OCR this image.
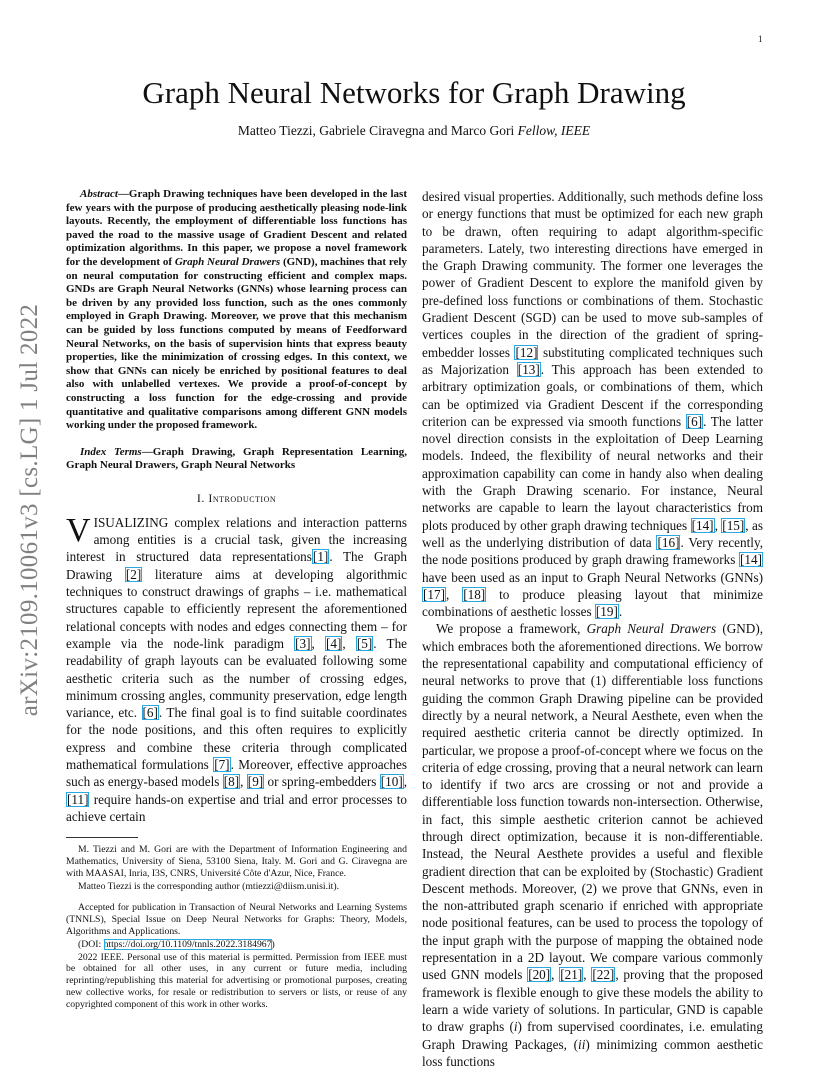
1
arXiv:2109.10061v3 [cs.LG] 1 Jul 2022
Graph Neural Networks for Graph Drawing
Matteo Tiezzi, Gabriele Ciravegna and Marco Gori Fellow, IEEE

Abstract—Graph Drawing techniques have been developed in the last few years with the purpose of producing aesthetically pleasing node-link layouts. Recently, the employment of differentiable loss functions has paved the road to the massive usage of Gradient Descent and related optimization algorithms. In this paper, we propose a novel framework for the development of Graph Neural Drawers (GND), machines that rely on neural computation for constructing efficient and complex maps. GNDs are Graph Neural Networks (GNNs) whose learning process can be driven by any provided loss function, such as the ones commonly employed in Graph Drawing. Moreover, we prove that this mechanism can be guided by loss functions computed by means of Feedforward Neural Networks, on the basis of supervision hints that express beauty properties, like the minimization of crossing edges. In this context, we show that GNNs can nicely be enriched by positional features to deal also with unlabelled vertexes. We provide a proof-of-concept by constructing a loss function for the edge-crossing and provide quantitative and qualitative comparisons among different GNN models working under the proposed framework.

Index Terms—Graph Drawing, Graph Representation Learning, Graph Neural Drawers, Graph Neural Networks
I. Introduction

VISUALIZING complex relations and interaction patterns among entities is a crucial task, given the increasing interest in structured data representations[1]. The Graph Drawing [2] literature aims at developing algorithmic techniques to construct drawings of graphs – i.e. mathematical structures capable to efficiently represent the aforementioned relational concepts with nodes and edges connecting them – for example via the node-link paradigm [3], [4], [5]. The readability of graph layouts can be evaluated following some aesthetic criteria such as the number of crossing edges, minimum crossing angles, community preservation, edge length variance, etc. [6]. The final goal is to find suitable coordinates for the node positions, and this often requires to explicitly express and combine these criteria through complicated mathematical formulations [7]. Moreover, effective approaches such as energy-based models [8], [9] or spring-embedders [10], [11] require hands-on expertise and trial and error processes to achieve certain

M. Tiezzi and M. Gori are with the Department of Information Engineering and Mathematics, University of Siena, 53100 Siena, Italy. M. Gori and G. Ciravegna are with MAASAI, Inria, I3S, CNRS, Université Côte d'Azur, Nice, France.

Matteo Tiezzi is the corresponding author (mtiezzi@diism.unisi.it).

Accepted for publication in Transaction of Neural Networks and Learning Systems (TNNLS), Special Issue on Deep Neural Networks for Graphs: Theory, Models, Algorithms and Applications.

(DOI: https://doi.org/10.1109/tnnls.2022.3184967)

2022 IEEE. Personal use of this material is permitted. Permission from IEEE must be obtained for all other uses, in any current or future media, including reprinting/republishing this material for advertising or promotional purposes, creating new collective works, for resale or redistribution to servers or lists, or reuse of any copyrighted component of this work in other works.

desired visual properties. Additionally, such methods define loss or energy functions that must be optimized for each new graph to be drawn, often requiring to adapt algorithm-specific parameters. Lately, two interesting directions have emerged in the Graph Drawing community. The former one leverages the power of Gradient Descent to explore the manifold given by pre-defined loss functions or combinations of them. Stochastic Gradient Descent (SGD) can be used to move sub-samples of vertices couples in the direction of the gradient of spring-embedder losses [12] substituting complicated techniques such as Majorization [13]. This approach has been extended to arbitrary optimization goals, or combinations of them, which can be optimized via Gradient Descent if the corresponding criterion can be expressed via smooth functions [6]. The latter novel direction consists in the exploitation of Deep Learning models. Indeed, the flexibility of neural networks and their approximation capability can come in handy also when dealing with the Graph Drawing scenario. For instance, Neural networks are capable to learn the layout characteristics from plots produced by other graph drawing techniques [14], [15], as well as the underlying distribution of data [16]. Very recently, the node positions produced by graph drawing frameworks [14] have been used as an input to Graph Neural Networks (GNNs) [17], [18] to produce pleasing layout that minimize combinations of aesthetic losses [19].

We propose a framework, Graph Neural Drawers (GND), which embraces both the aforementioned directions. We borrow the representational capability and computational efficiency of neural networks to prove that (1) differentiable loss functions guiding the common Graph Drawing pipeline can be provided directly by a neural network, a Neural Aesthete, even when the required aesthetic criteria cannot be directly optimized. In particular, we propose a proof-of-concept where we focus on the criteria of edge crossing, proving that a neural network can learn to identify if two arcs are crossing or not and provide a differentiable loss function towards non-intersection. Otherwise, in fact, this simple aesthetic criterion cannot be achieved through direct optimization, because it is non-differentiable. Instead, the Neural Aesthete provides a useful and flexible gradient direction that can be exploited by (Stochastic) Gradient Descent methods. Moreover, (2) we prove that GNNs, even in the non-attributed graph scenario if enriched with appropriate node positional features, can be used to process the topology of the input graph with the purpose of mapping the obtained node representation in a 2D layout. We compare various commonly used GNN models [20], [21], [22], proving that the proposed framework is flexible enough to give these models the ability to learn a wide variety of solutions. In particular, GND is capable to draw graphs (i) from supervised coordinates, i.e. emulating Graph Drawing Packages, (ii) minimizing common aesthetic loss functions
